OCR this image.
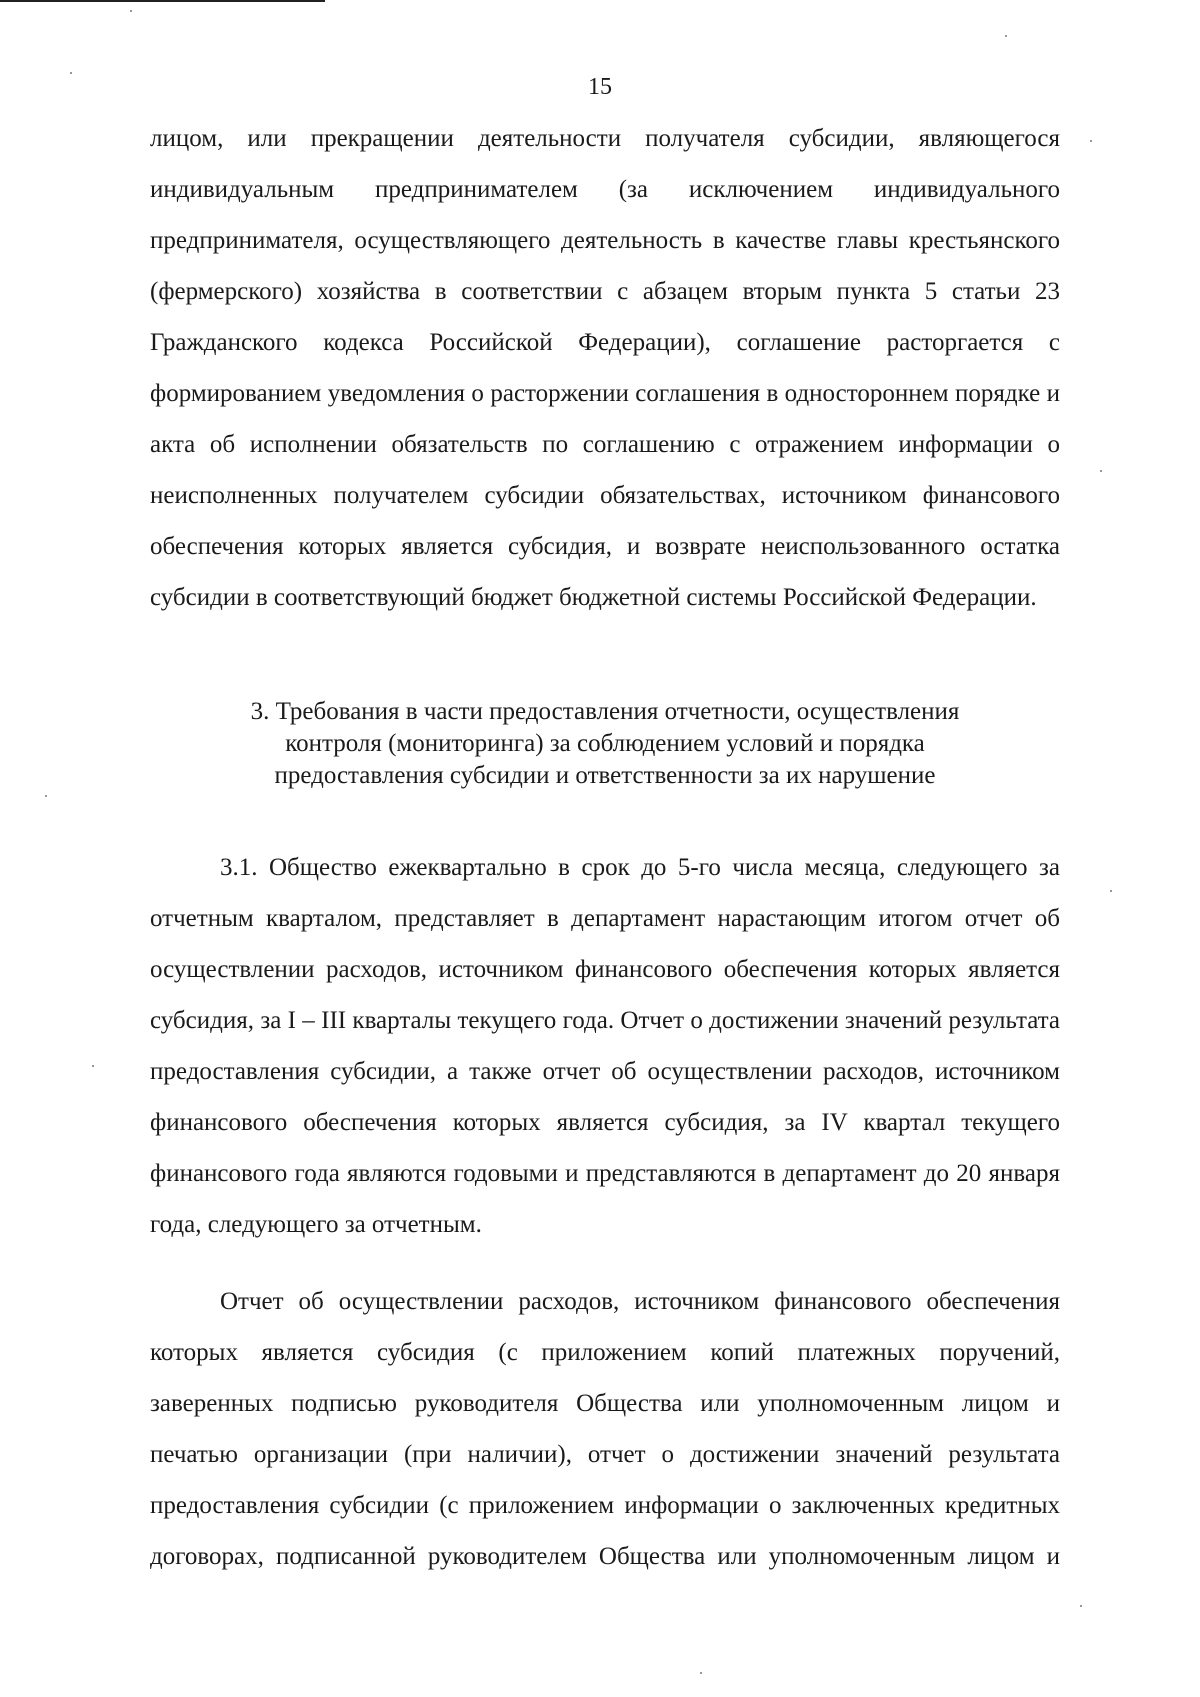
15

лицом, или прекращении деятельности получателя субсидии, являющегося индивидуальным предпринимателем (за исключением индивидуального предпринимателя, осуществляющего деятельность в качестве главы крестьянского (фермерского) хозяйства в соответствии с абзацем вторым пункта 5 статьи 23 Гражданского кодекса Российской Федерации), соглашение расторгается с формированием уведомления о расторжении соглашения в одностороннем порядке и акта об исполнении обязательств по соглашению с отражением информации о неисполненных получателем субсидии обязательствах, источником финансового обеспечения которых является субсидия, и возврате неиспользованного остатка субсидии в соответствующий бюджет бюджетной системы Российской Федерации.

3. Требования в части предоставления отчетности, осуществления
контроля (мониторинга) за соблюдением условий и порядка
предоставления субсидии и ответственности за их нарушение

3.1. Общество ежеквартально в срок до 5-го числа месяца, следующего за отчетным кварталом, представляет в департамент нарастающим итогом отчет об осуществлении расходов, источником финансового обеспечения которых является субсидия, за I – III кварталы текущего года. Отчет о достижении значений результата предоставления субсидии, а также отчет об осуществлении расходов, источником финансового обеспечения которых является субсидия, за IV квартал текущего финансового года являются годовыми и представляются в департамент до 20 января года, следующего за отчетным.

Отчет об осуществлении расходов, источником финансового обеспечения которых является субсидия (с приложением копий платежных поручений, заверенных подписью руководителя Общества или уполномоченным лицом и печатью организации (при наличии), отчет о достижении значений результата предоставления субсидии (с приложением информации о заключенных кредитных договорах, подписанной руководителем Общества или уполномоченным лицом и
